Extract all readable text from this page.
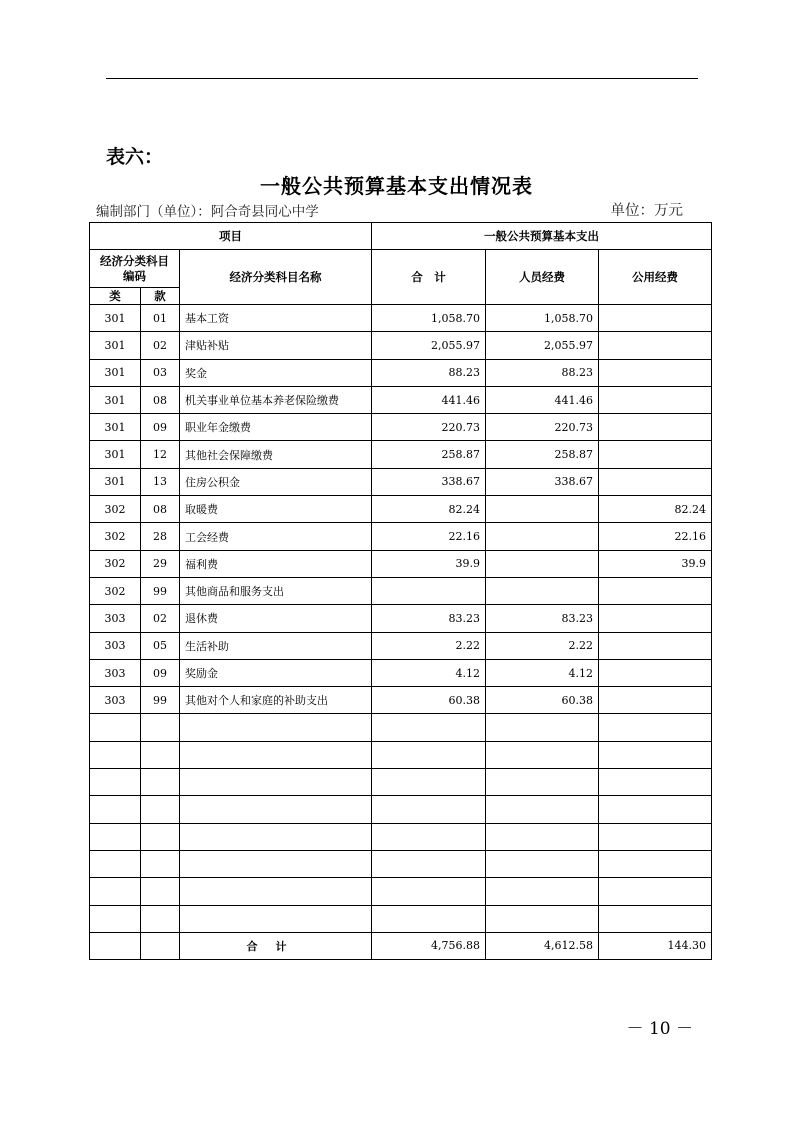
表六：
一般公共预算基本支出情况表
编制部门（单位）：阿合奇县同心中学	单位：万元
项目			一般公共预算基本支出		
经济分类科目编码		经济分类科目名称	合　计	人员经费	公用经费
类	款				
301	01	基本工资	1,058.70	1,058.70	
301	02	津贴补贴	2,055.97	2,055.97	
301	03	奖金	88.23	88.23	
301	08	机关事业单位基本养老保险缴费	441.46	441.46	
301	09	职业年金缴费	220.73	220.73	
301	12	其他社会保障缴费	258.87	258.87	
301	13	住房公积金	338.67	338.67	
302	08	取暖费	82.24		82.24
302	28	工会经费	22.16		22.16
302	29	福利费	39.9		39.9
302	99	其他商品和服务支出			
303	02	退休费	83.23	83.23	
303	05	生活补助	2.22	2.22	
303	09	奖励金	4.12	4.12	
303	99	其他对个人和家庭的补助支出	60.38	60.38	

		合计	4,756.88	4,612.58	144.30
－ 10 －
